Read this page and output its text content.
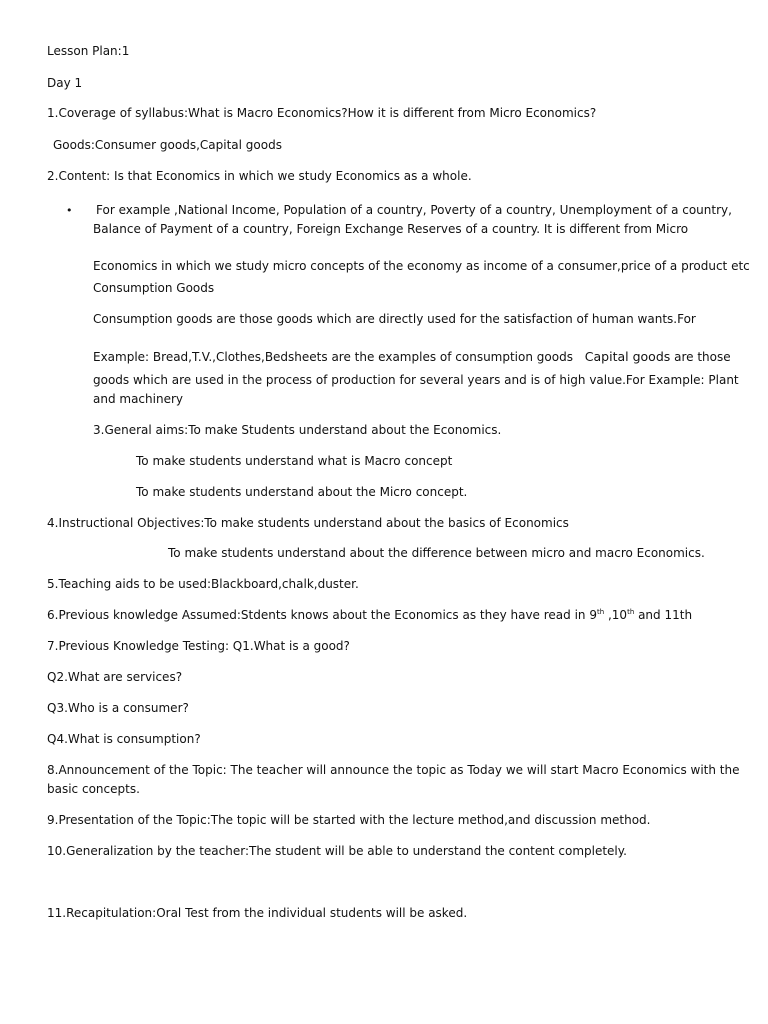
Lesson Plan:1
Day 1
1.Coverage of syllabus:What is Macro Economics?How it is different from Micro Economics?
Goods:Consumer goods,Capital goods
2.Content: Is that Economics in which we study Economics as a whole.
• For example ,National Income, Population of a country, Poverty of a country, Unemployment of a country,
Balance of Payment of a country, Foreign Exchange Reserves of a country. It is different from Micro
Economics in which we study micro concepts of the economy as income of a consumer,price of a product etc
Consumption Goods
Consumption goods are those goods which are directly used for the satisfaction of human wants.For
Example: Bread,T.V.,Clothes,Bedsheets are the examples of consumption goods Capital goods are those
goods which are used in the process of production for several years and is of high value.For Example: Plant
and machinery
3.General aims:To make Students understand about the Economics.
To make students understand what is Macro concept
To make students understand about the Micro concept.
4.Instructional Objectives:To make students understand about the basics of Economics
To make students understand about the difference between micro and macro Economics.
5.Teaching aids to be used:Blackboard,chalk,duster.
6.Previous knowledge Assumed:Stdents knows about the Economics as they have read in 9th ,10th and 11th
7.Previous Knowledge Testing: Q1.What is a good?
Q2.What are services?
Q3.Who is a consumer?
Q4.What is consumption?
8.Announcement of the Topic: The teacher will announce the topic as Today we will start Macro Economics with the
basic concepts.
9.Presentation of the Topic:The topic will be started with the lecture method,and discussion method.
10.Generalization by the teacher:The student will be able to understand the content completely.
11.Recapitulation:Oral Test from the individual students will be asked.
